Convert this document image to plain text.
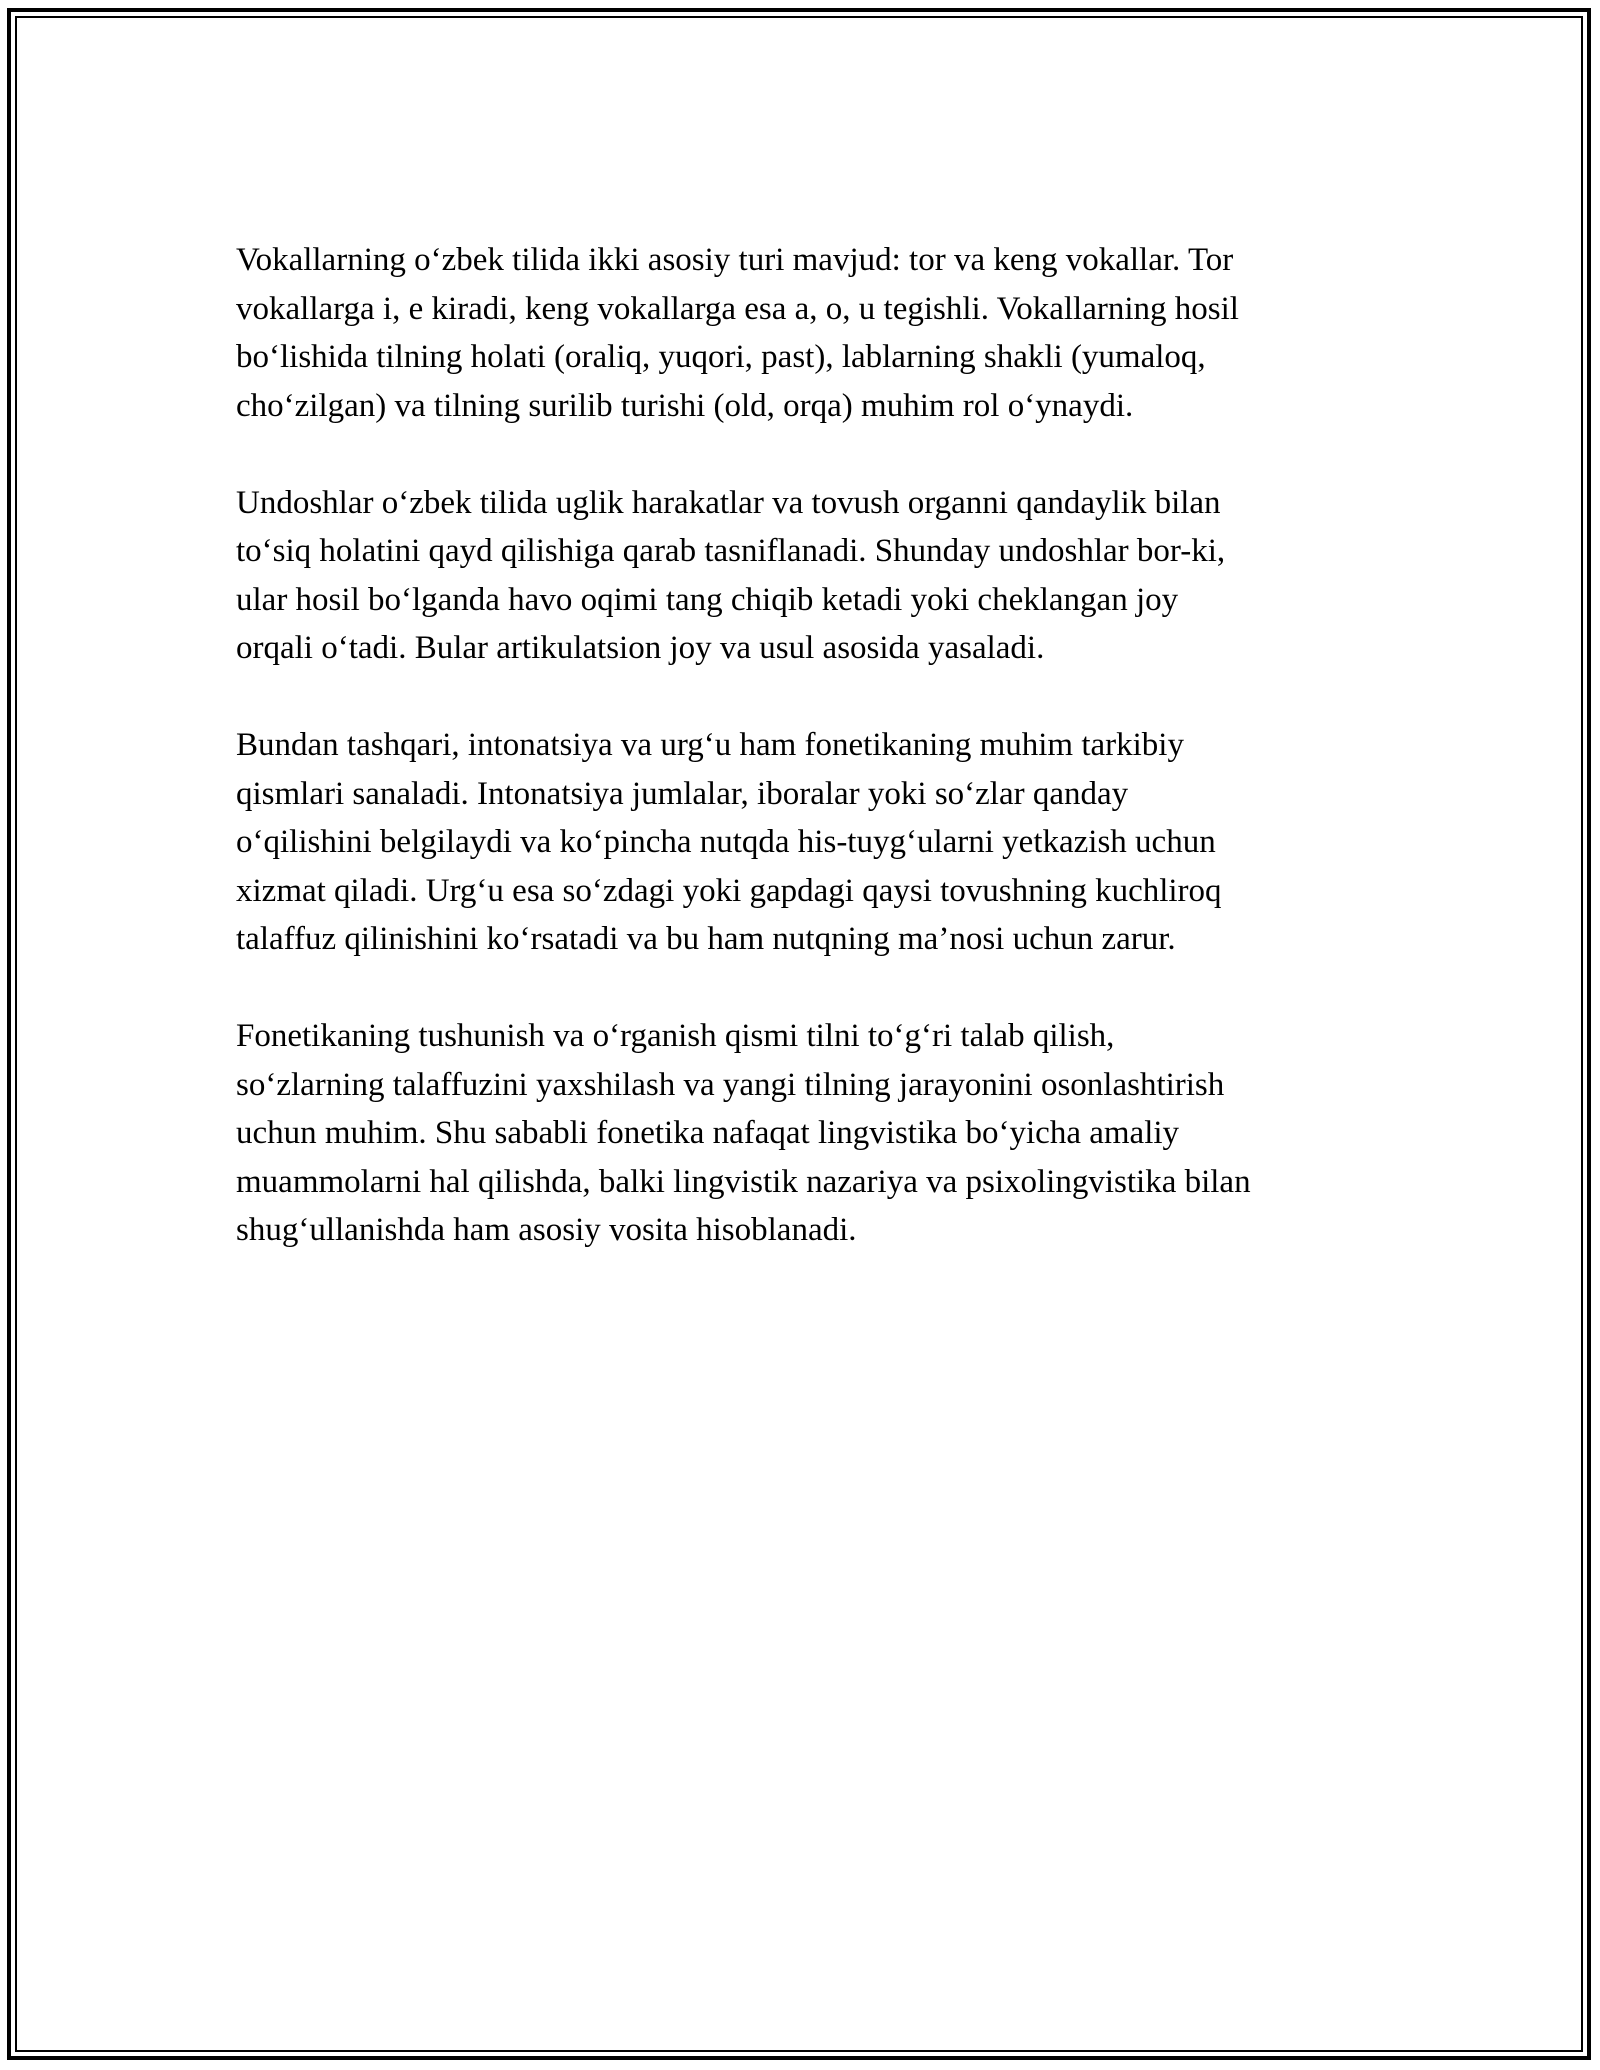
Vokallarning o‘zbek tilida ikki asosiy turi mavjud: tor va keng vokallar. Tor
vokallarga i, e kiradi, keng vokallarga esa a, o, u tegishli. Vokallarning hosil
bo‘lishida tilning holati (oraliq, yuqori, past), lablarning shakli (yumaloq,
cho‘zilgan) va tilning surilib turishi (old, orqa) muhim rol o‘ynaydi.

Undoshlar o‘zbek tilida uglik harakatlar va tovush organni qandaylik bilan
to‘siq holatini qayd qilishiga qarab tasniflanadi. Shunday undoshlar bor-ki,
ular hosil bo‘lganda havo oqimi tang chiqib ketadi yoki cheklangan joy
orqali o‘tadi. Bular artikulatsion joy va usul asosida yasaladi.

Bundan tashqari, intonatsiya va urg‘u ham fonetikaning muhim tarkibiy
qismlari sanaladi. Intonatsiya jumlalar, iboralar yoki so‘zlar qanday
o‘qilishini belgilaydi va ko‘pincha nutqda his-tuyg‘ularni yetkazish uchun
xizmat qiladi. Urg‘u esa so‘zdagi yoki gapdagi qaysi tovushning kuchliroq
talaffuz qilinishini ko‘rsatadi va bu ham nutqning ma’nosi uchun zarur.

Fonetikaning tushunish va o‘rganish qismi tilni to‘g‘ri talab qilish,
so‘zlarning talaffuzini yaxshilash va yangi tilning jarayonini osonlashtirish
uchun muhim. Shu sababli fonetika nafaqat lingvistika bo‘yicha amaliy
muammolarni hal qilishda, balki lingvistik nazariya va psixolingvistika bilan
shug‘ullanishda ham asosiy vosita hisoblanadi.
